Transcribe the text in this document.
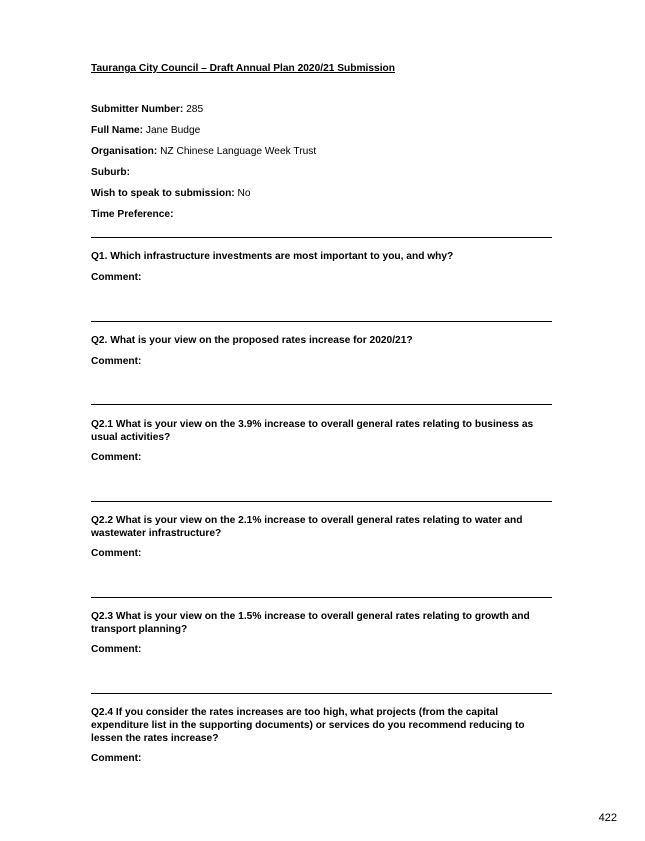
Tauranga City Council – Draft Annual Plan 2020/21 Submission
Submitter Number: 285
Full Name: Jane Budge
Organisation: NZ Chinese Language Week Trust
Suburb:
Wish to speak to submission: No
Time Preference:
Q1. Which infrastructure investments are most important to you, and why?
Comment:
Q2. What is your view on the proposed rates increase for 2020/21?
Comment:
Q2.1 What is your view on the 3.9% increase to overall general rates relating to business as usual activities?
Comment:
Q2.2 What is your view on the 2.1% increase to overall general rates relating to water and wastewater infrastructure?
Comment:
Q2.3 What is your view on the 1.5% increase to overall general rates relating to growth and transport planning?
Comment:
Q2.4 If you consider the rates increases are too high, what projects (from the capital expenditure list in the supporting documents) or services do you recommend reducing to lessen the rates increase?
Comment:
422
